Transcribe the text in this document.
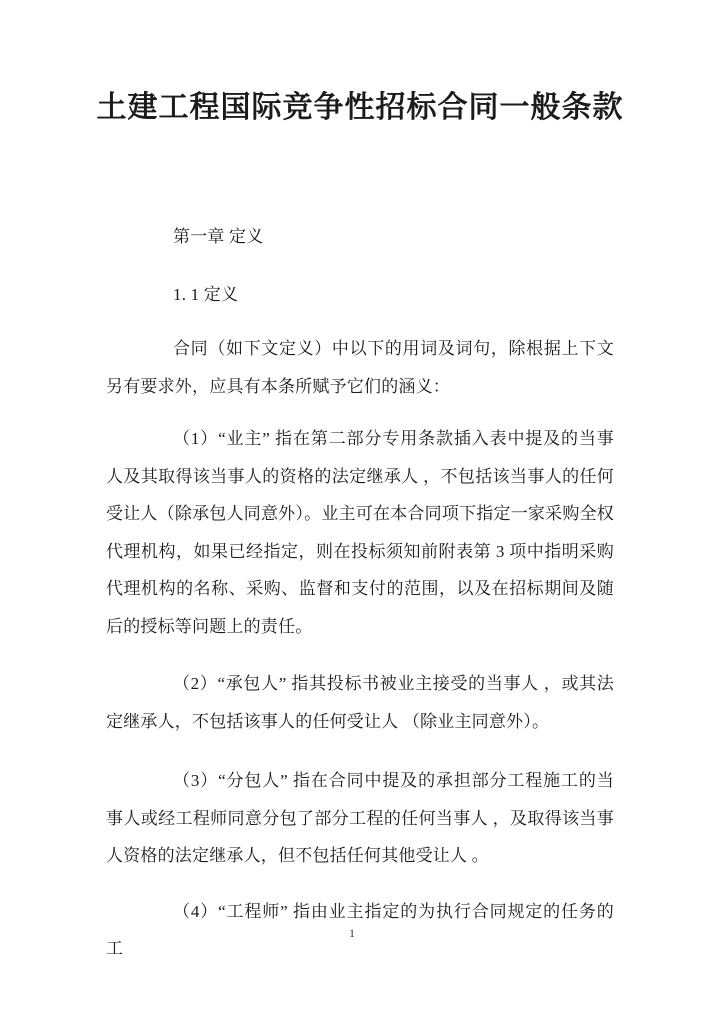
土建工程国际竞争性招标合同一般条款

第一章 定义

1. 1 定义

合同（如下文定义）中以下的用词及词句，除根据上下文另有要求外，应具有本条所赋予它们的涵义：

（1）“业主” 指在第二部分专用条款插入表中提及的当事人及其取得该当事人的资格的法定继承人 ，不包括该当事人的任何受让人（除承包人同意外）。业主可在本合同项下指定一家采购全权代理机构，如果已经指定，则在投标须知前附表第 3 项中指明采购代理机构的名称、采购、监督和支付的范围，以及在招标期间及随后的授标等问题上的责任。

（2）“承包人” 指其投标书被业主接受的当事人 ，或其法定继承人，不包括该事人的任何受让人 （除业主同意外）。

（3）“分包人” 指在合同中提及的承担部分工程施工的当事人或经工程师同意分包了部分工程的任何当事人 ，及取得该当事人资格的法定继承人，但不包括任何其他受让人 。

（4）“工程师” 指由业主指定的为执行合同规定的任务的工

1
